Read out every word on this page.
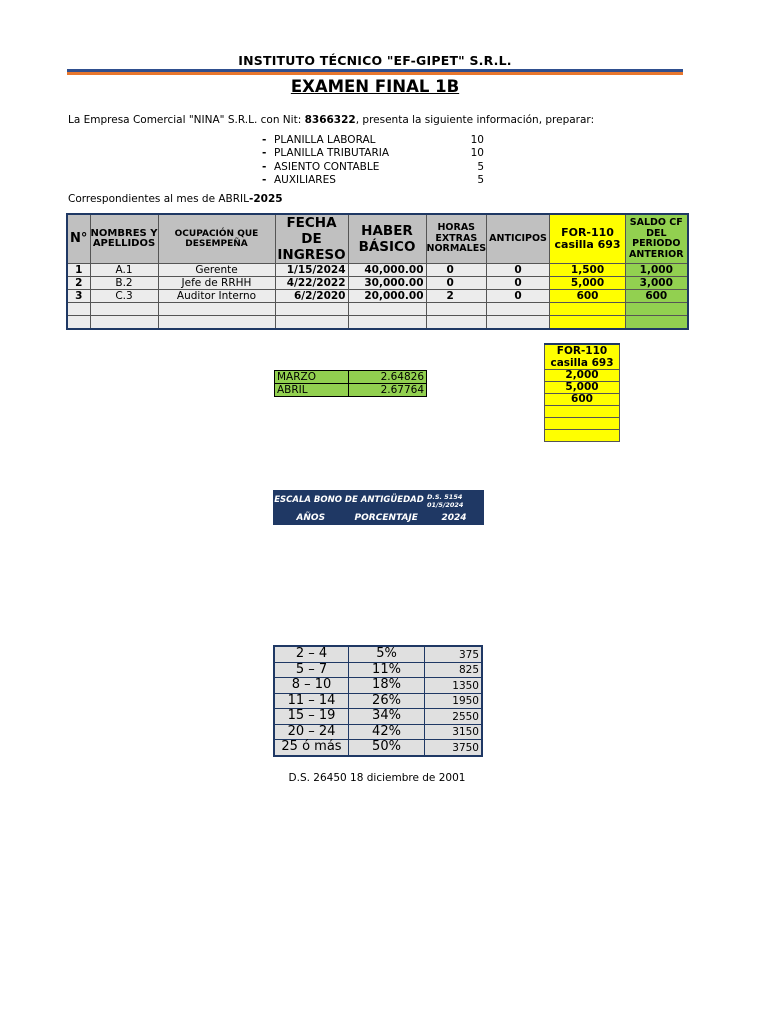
INSTITUTO TÉCNICO "EF-GIPET" S.R.L.
EXAMEN FINAL 1B
La Empresa Comercial "NINA" S.R.L. con Nit: 8366322, presenta la siguiente información, preparar:
- PLANILLA LABORAL	10
- PLANILLA TRIBUTARIA	10
- ASIENTO CONTABLE	5
- AUXILIARES	5
Correspondientes al mes de ABRIL-2025
N°	NOMBRES Y APELLIDOS	OCUPACIÓN QUE DESEMPEÑA	FECHA DE INGRESO	HABER BÁSICO	HORAS EXTRAS NORMALES	ANTICIPOS	FOR-110 casilla 693	SALDO CF DEL PERIODO ANTERIOR
1	A.1	Gerente	1/15/2024	40,000.00	0	0	1,500	1,000
2	B.2	Jefe de RRHH	4/22/2022	30,000.00	0	0	5,000	3,000
3	C.3	Auditor Interno	6/2/2020	20,000.00	2	0	600	600

FOR-110 casilla 693
2,000
5,000
600

MARZO	2.64826
ABRIL	2.67764
ESCALA BONO DE ANTIGÜEDAD		D.S. 5154
01/5/2024
AÑOS	PORCENTAJE	2024
2 – 4	5%	375
5 – 7	11%	825
8 – 10	18%	1350
11 – 14	26%	1950
15 – 19	34%	2550
20 – 24	42%	3150
25 ó más	50%	3750
D.S. 26450 18 diciembre de 2001
